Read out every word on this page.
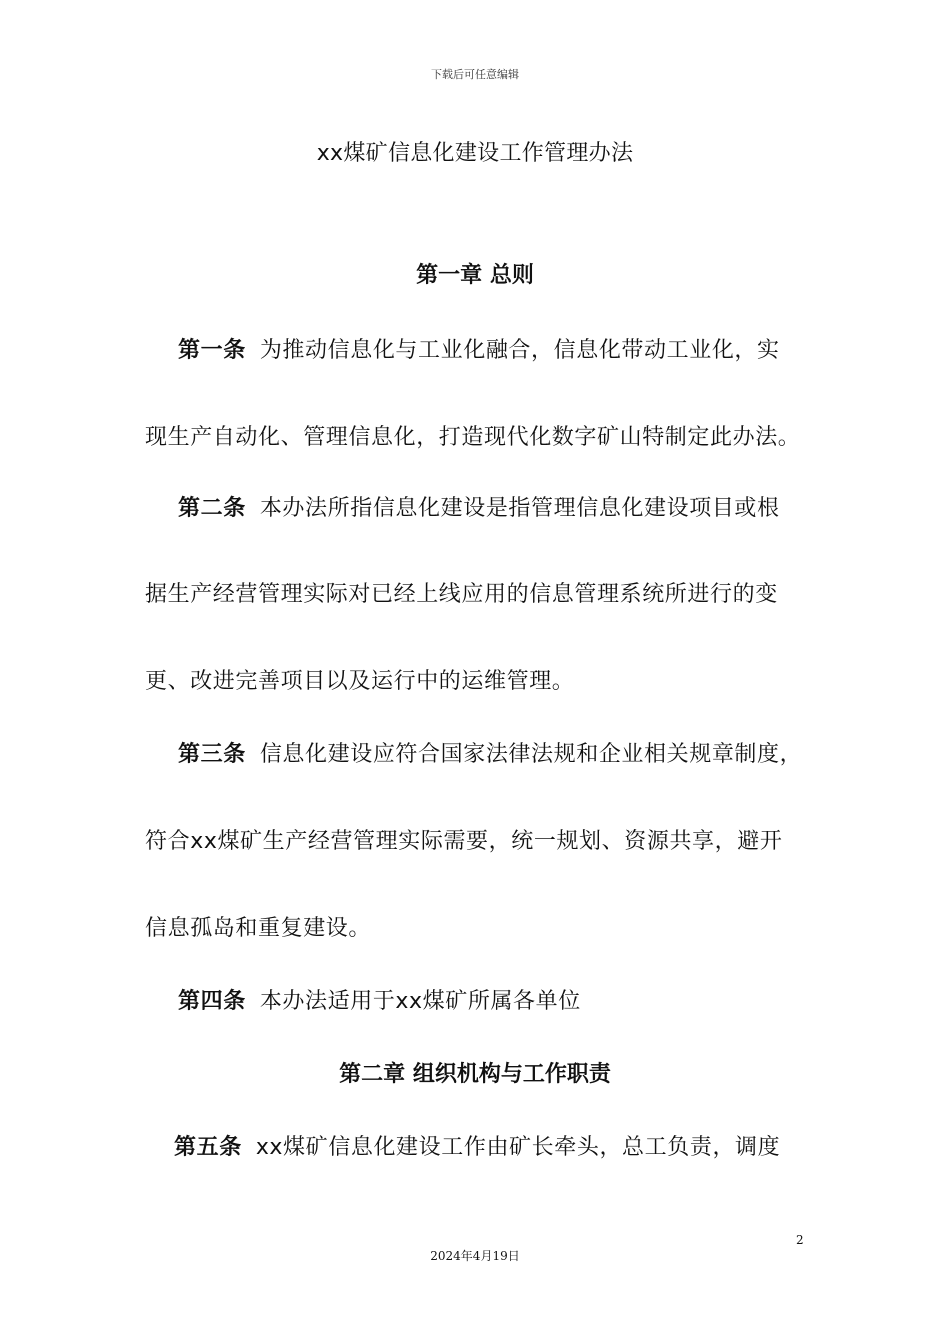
下载后可任意编辑
xx煤矿信息化建设工作管理办法
第一章 总则
第一条 为推动信息化与工业化融合，信息化带动工业化，实
现生产自动化、管理信息化，打造现代化数字矿山特制定此办法。
第二条 本办法所指信息化建设是指管理信息化建设项目或根
据生产经营管理实际对已经上线应用的信息管理系统所进行的变
更、改进完善项目以及运行中的运维管理。
第三条 信息化建设应符合国家法律法规和企业相关规章制度，
符合xx煤矿生产经营管理实际需要，统一规划、资源共享，避开
信息孤岛和重复建设。
第四条 本办法适用于xx煤矿所属各单位
第二章 组织机构与工作职责
第五条 xx煤矿信息化建设工作由矿长牵头，总工负责，调度
2
2024年4月19日
